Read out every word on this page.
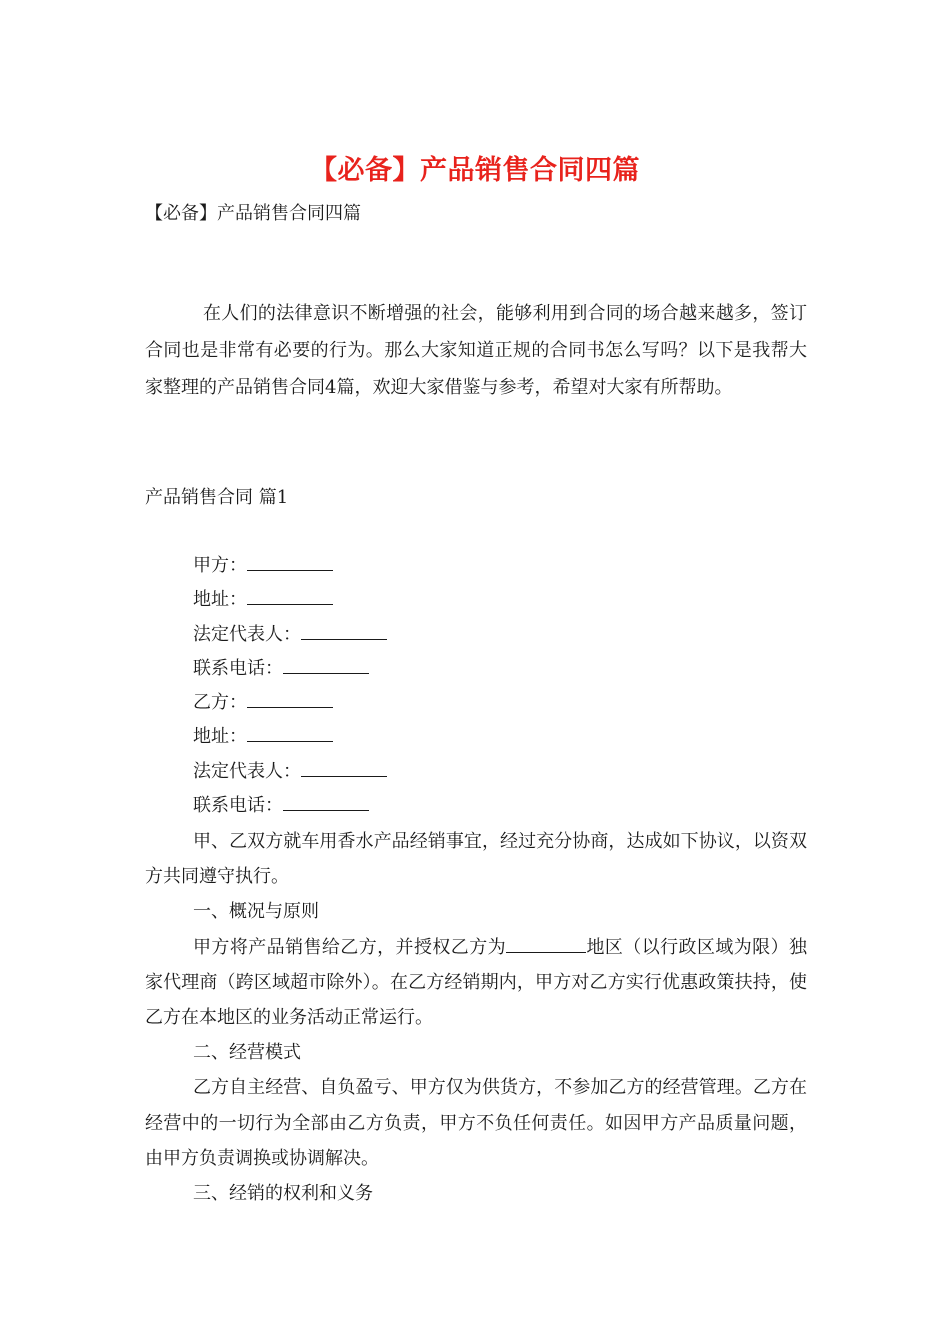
【必备】产品销售合同四篇
【必备】产品销售合同四篇
在人们的法律意识不断增强的社会，能够利用到合同的场合越来越多，签订合同也是非常有必要的行为。那么大家知道正规的合同书怎么写吗？以下是我帮大家整理的产品销售合同4篇，欢迎大家借鉴与参考，希望对大家有所帮助。
产品销售合同 篇1
甲方：
地址：
法定代表人：
联系电话：
乙方：
地址：
法定代表人：
联系电话：

甲、乙双方就车用香水产品经销事宜，经过充分协商，达成如下协议，以资双方共同遵守执行。

一、概况与原则

甲方将产品销售给乙方，并授权乙方为	地区（以行政区域为限）独家代理商（跨区域超市除外）。在乙方经销期内，甲方对乙方实行优惠政策扶持，使乙方在本地区的业务活动正常运行。

二、经营模式

乙方自主经营、自负盈亏、甲方仅为供货方，不参加乙方的经营管理。乙方在经营中的一切行为全部由乙方负责，甲方不负任何责任。如因甲方产品质量问题，由甲方负责调换或协调解决。

三、经销的权利和义务
